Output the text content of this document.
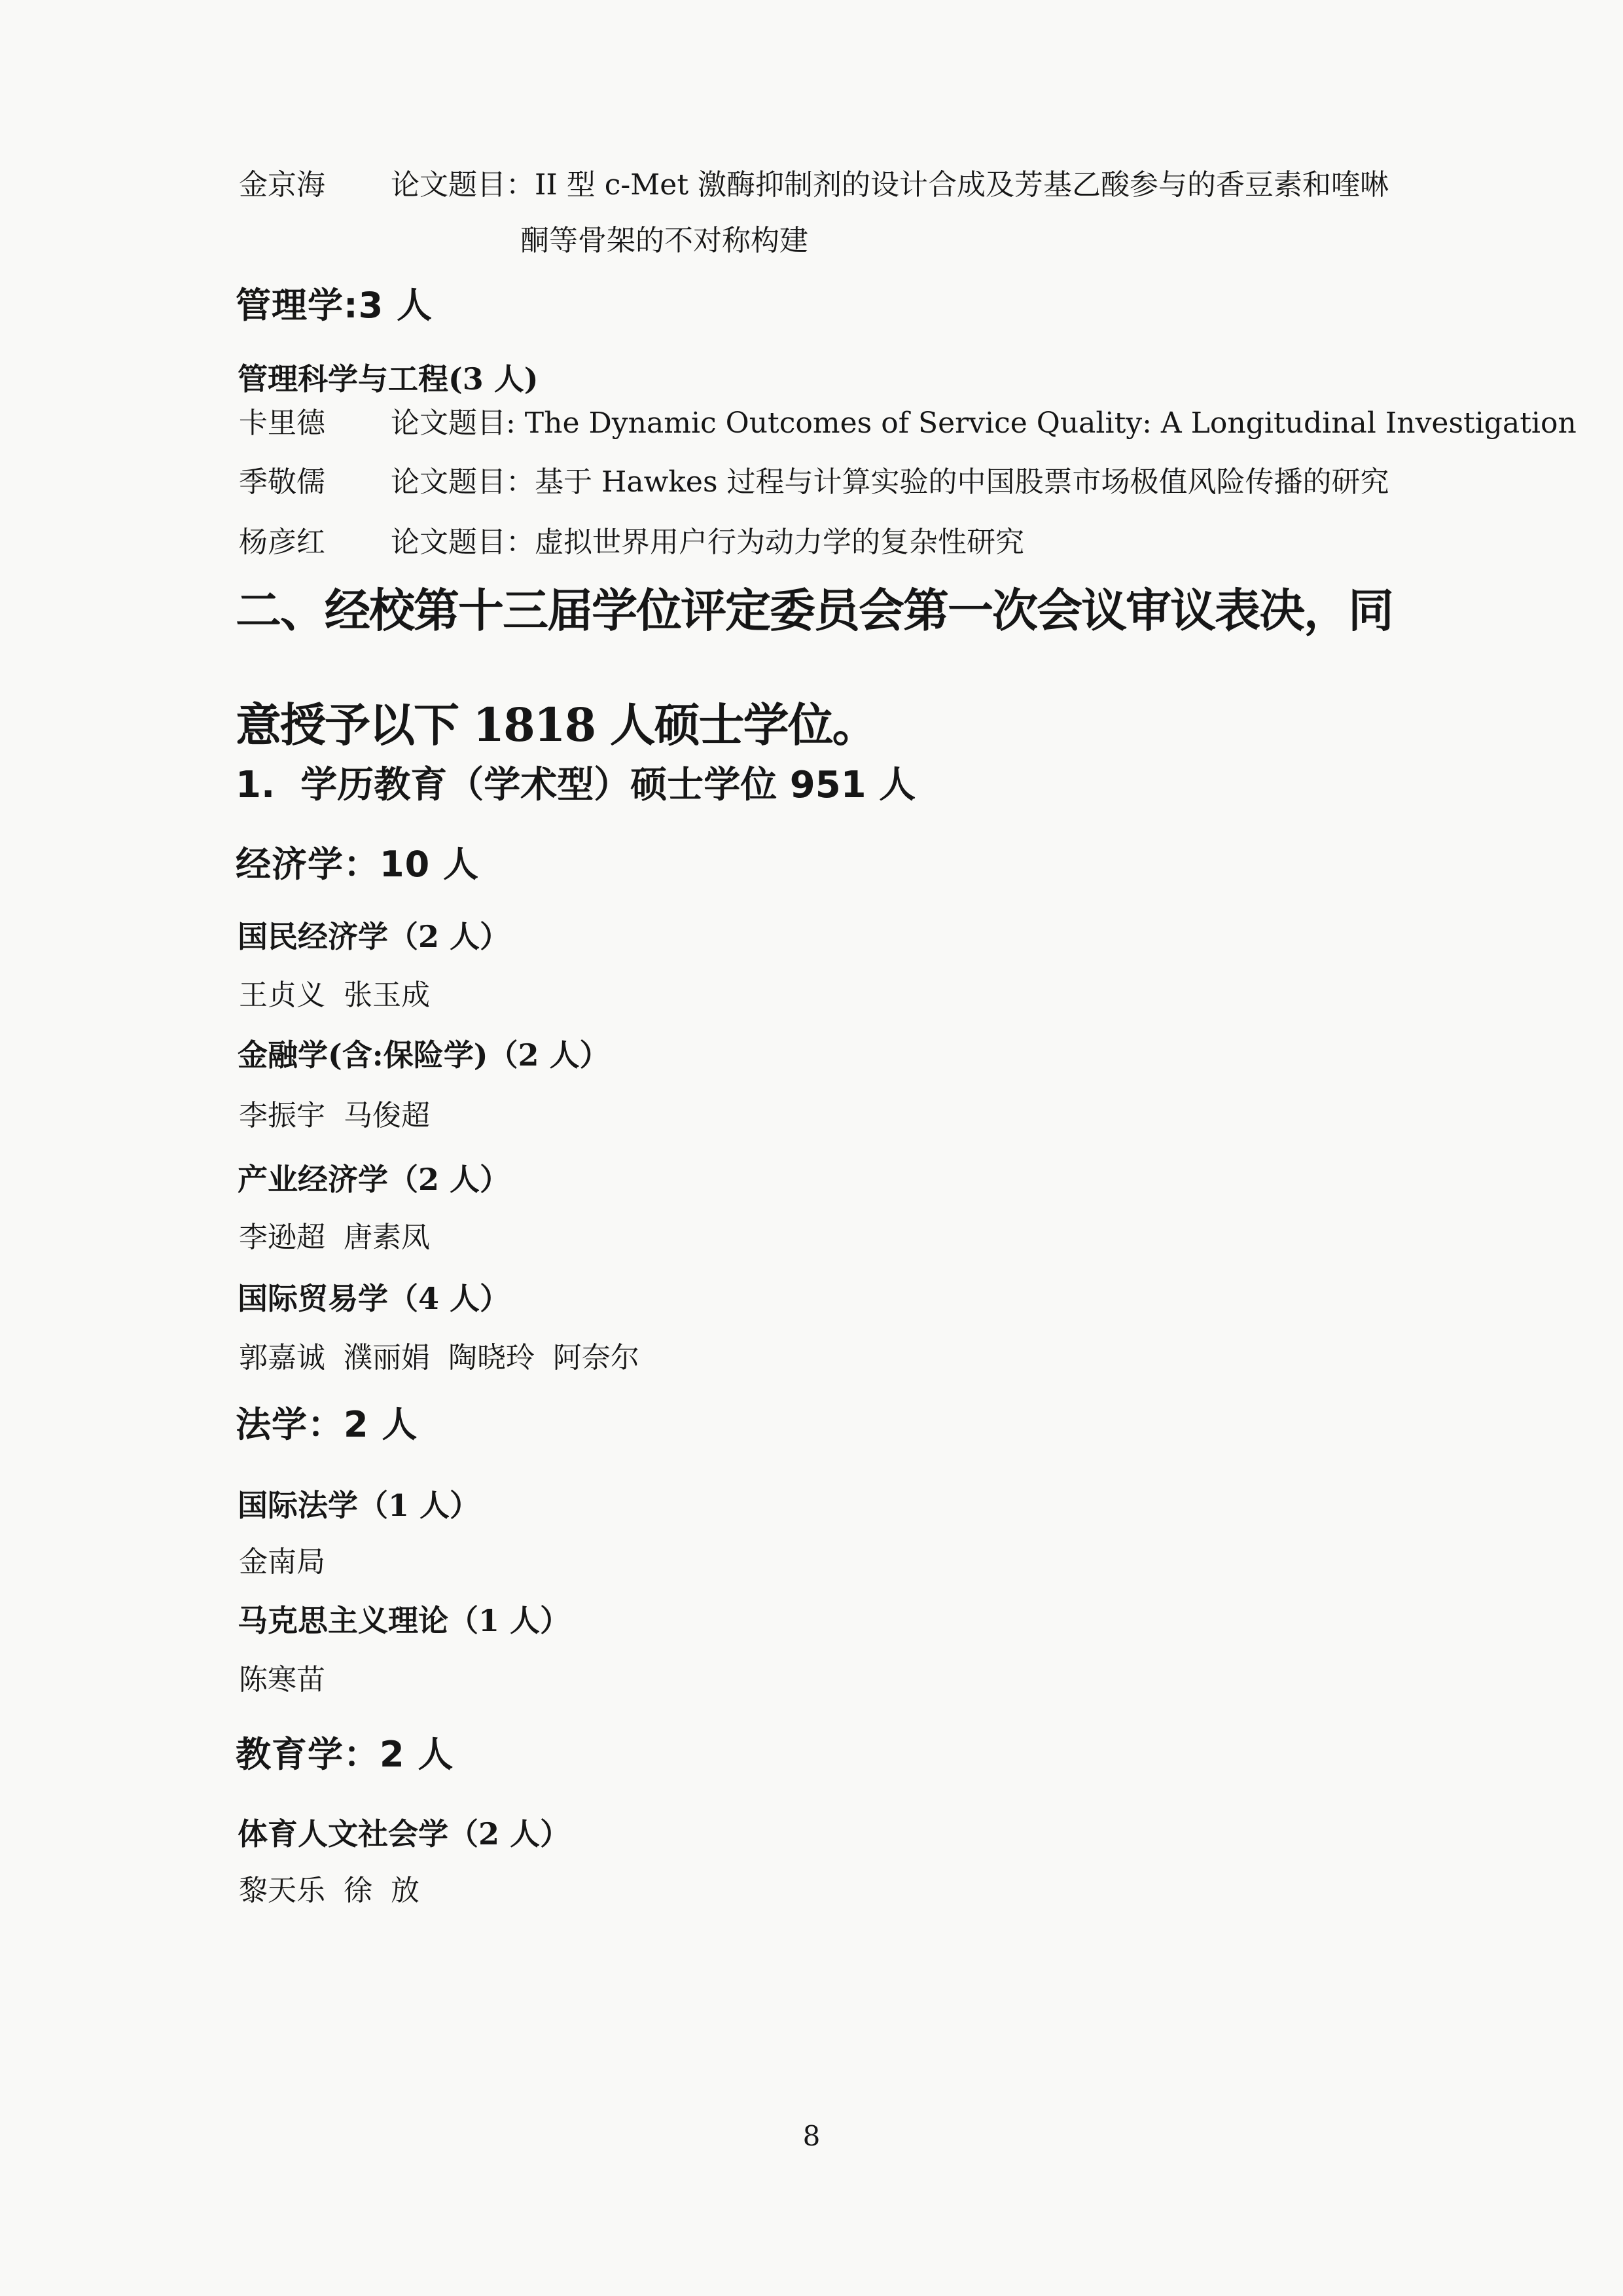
金京海 论文题目：II 型 c-Met 激酶抑制剂的设计合成及芳基乙酸参与的香豆素和喹啉
酮等骨架的不对称构建
管理学:3 人
管理科学与工程(3 人)
卡里德 论文题目: The Dynamic Outcomes of Service Quality: A Longitudinal Investigation
季敬儒 论文题目：基于 Hawkes 过程与计算实验的中国股票市场极值风险传播的研究
杨彦红 论文题目：虚拟世界用户行为动力学的复杂性研究
二、经校第十三届学位评定委员会第一次会议审议表决，同
意授予以下 1818 人硕士学位。
1.  学历教育（学术型）硕士学位 951 人
经济学：10 人
国民经济学（2 人）
王贞义  张玉成
金融学(含:保险学)（2 人）
李振宇  马俊超
产业经济学（2 人）
李逊超  唐素凤
国际贸易学（4 人）
郭嘉诚  濮丽娟  陶晓玲  阿奈尔
法学：2 人
国际法学（1 人）
金南局
马克思主义理论（1 人）
陈寒苗
教育学：2 人
体育人文社会学（2 人）
黎天乐  徐  放
8
